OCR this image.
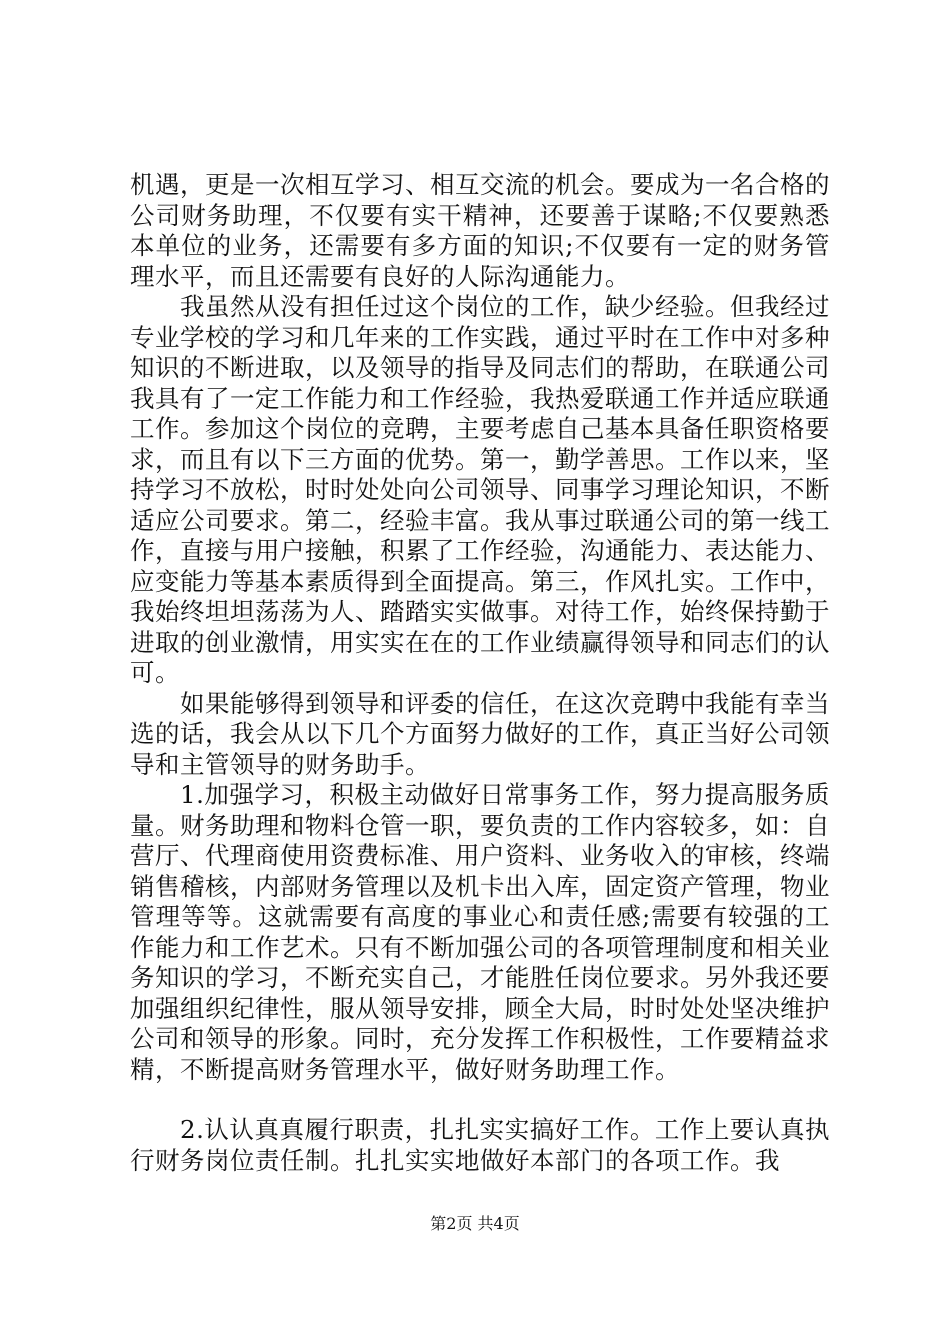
机遇，更是一次相互学习、相互交流的机会。要成为一名合格的公司财务助理，不仅要有实干精神，还要善于谋略;不仅要熟悉本单位的业务，还需要有多方面的知识;不仅要有一定的财务管理水平，而且还需要有良好的人际沟通能力。

我虽然从没有担任过这个岗位的工作，缺少经验。但我经过专业学校的学习和几年来的工作实践，通过平时在工作中对多种知识的不断进取，以及领导的指导及同志们的帮助，在联通公司我具有了一定工作能力和工作经验，我热爱联通工作并适应联通工作。参加这个岗位的竞聘，主要考虑自己基本具备任职资格要求，而且有以下三方面的优势。第一，勤学善思。工作以来，坚持学习不放松，时时处处向公司领导、同事学习理论知识，不断适应公司要求。第二，经验丰富。我从事过联通公司的第一线工作，直接与用户接触，积累了工作经验，沟通能力、表达能力、应变能力等基本素质得到全面提高。第三，作风扎实。工作中，我始终坦坦荡荡为人、踏踏实实做事。对待工作，始终保持勤于进取的创业激情，用实实在在的工作业绩赢得领导和同志们的认可。

如果能够得到领导和评委的信任，在这次竞聘中我能有幸当选的话，我会从以下几个方面努力做好的工作，真正当好公司领导和主管领导的财务助手。

1.加强学习，积极主动做好日常事务工作，努力提高服务质量。财务助理和物料仓管一职，要负责的工作内容较多，如：自营厅、代理商使用资费标准、用户资料、业务收入的审核，终端销售稽核，内部财务管理以及机卡出入库，固定资产管理，物业管理等等。这就需要有高度的事业心和责任感;需要有较强的工作能力和工作艺术。只有不断加强公司的各项管理制度和相关业务知识的学习，不断充实自己，才能胜任岗位要求。另外我还要加强组织纪律性，服从领导安排，顾全大局，时时处处坚决维护公司和领导的形象。同时，充分发挥工作积极性，工作要精益求精，不断提高财务管理水平，做好财务助理工作。

2.认认真真履行职责，扎扎实实搞好工作。工作上要认真执行财务岗位责任制。扎扎实实地做好本部门的各项工作。我

第2页 共4页
